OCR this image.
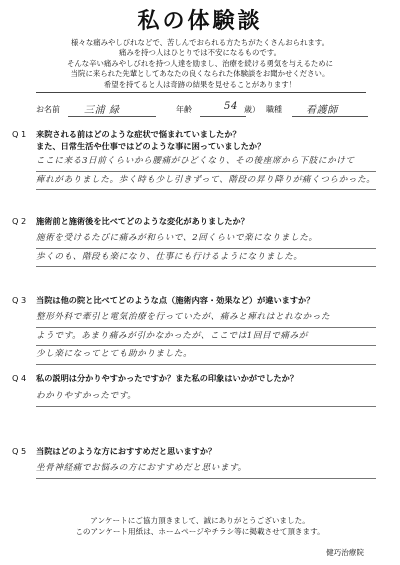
私の体験談
様々な痛みやしびれなどで、苦しんでおられる方たちがたくさんおられます。
痛みを持つ人はひとりでは不安になるものです。
そんな辛い痛みやしびれを持つ人達を励まし、治療を続ける勇気を与えるために
当院に来られた先輩としてあなたの良くなられた体験談をお聞かせください。
希望を持てると人は奇跡の結果を見せることがあります！
お名前 三浦 緑	年齢	54 歳） 職種 看護師
Q 1 来院される前はどのような症状で悩まれていましたか？
また、日常生活や仕事ではどのような事に困っていましたか？
ここに来る3日前くらいから腰痛がひどくなり、その後座席から下肢にかけて
痺れがありました。歩く時も少し引きずって、階段の昇り降りが痛くつらかった。
Q 2 施術前と施術後を比べてどのような変化がありましたか？
施術を受けるたびに痛みが和らいで、2回くらいで楽になりました。
歩くのも、階段も楽になり、仕事にも行けるようになりました。
Q 3 当院は他の院と比べてどのような点（施術内容・効果など）が違いますか？
整形外科で牽引と電気治療を行っていたが、痛みと痺れはとれなかった
ようです。あまり痛みが引かなかったが、ここでは1回目で痛みが
少し楽になってとても助かりました。
Q 4 私の説明は分かりやすかったですか？また私の印象はいかがでしたか？
わかりやすかったです。
Q 5 当院はどのような方におすすめだと思いますか？
坐骨神経痛でお悩みの方におすすめだと思います。
アンケートにご協力頂きまして、誠にありがとうございました。
このアンケート用紙は、ホームページやチラシ等に掲載させて頂きます。
健巧治療院
